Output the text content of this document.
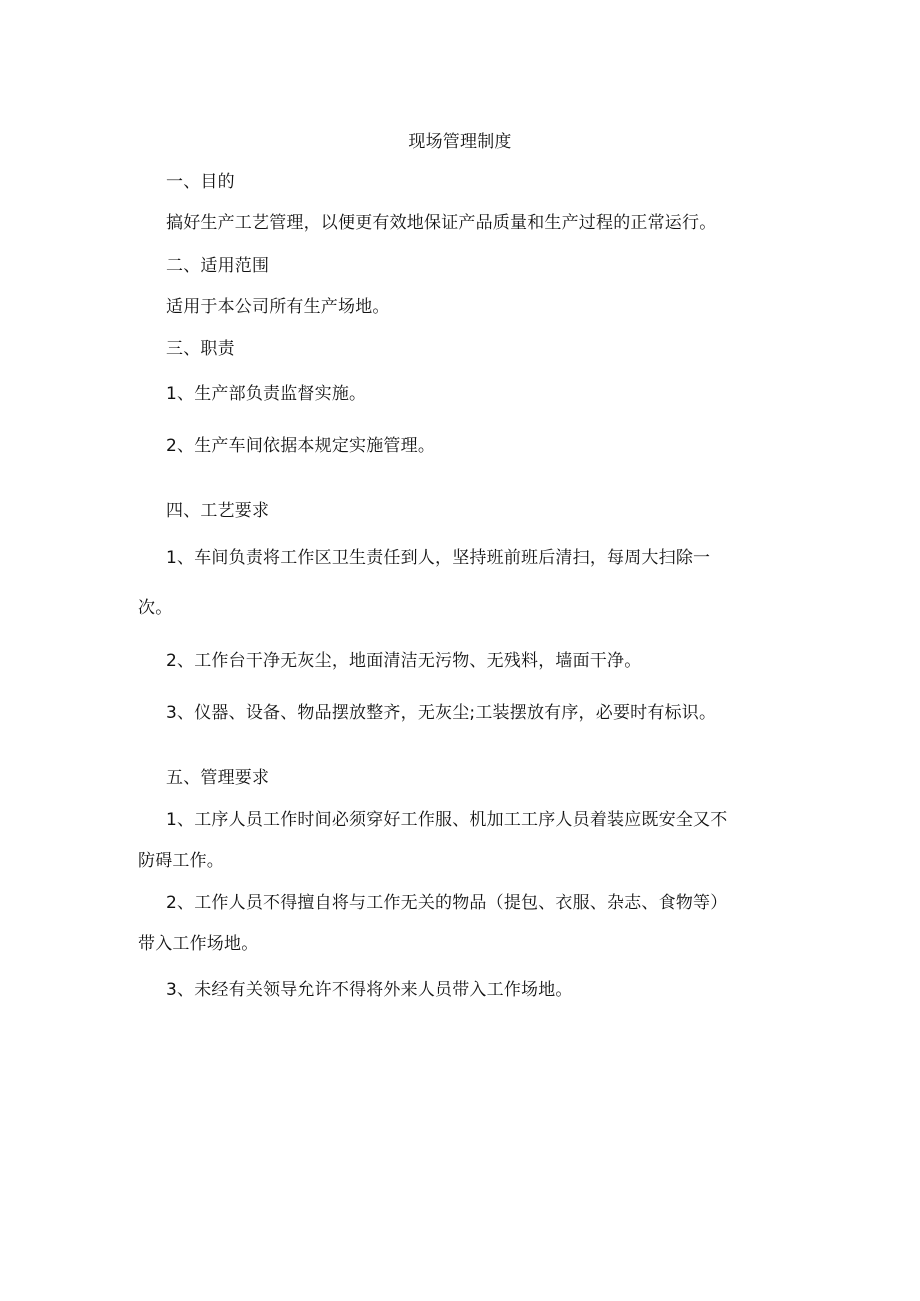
现场管理制度

一、目的

搞好生产工艺管理，以便更有效地保证产品质量和生产过程的正常运行。

二、适用范围

适用于本公司所有生产场地。

三、职责

1、生产部负责监督实施。

2、生产车间依据本规定实施管理。

四、工艺要求

1、车间负责将工作区卫生责任到人，坚持班前班后清扫，每周大扫除一

次。

2、工作台干净无灰尘，地面清洁无污物、无残料，墙面干净。

3、仪器、设备、物品摆放整齐，无灰尘;工装摆放有序，必要时有标识。

五、管理要求

1、工序人员工作时间必须穿好工作服、机加工工序人员着装应既安全又不

防碍工作。

2、工作人员不得擅自将与工作无关的物品（提包、衣服、杂志、食物等）

带入工作场地。

3、未经有关领导允许不得将外来人员带入工作场地。
